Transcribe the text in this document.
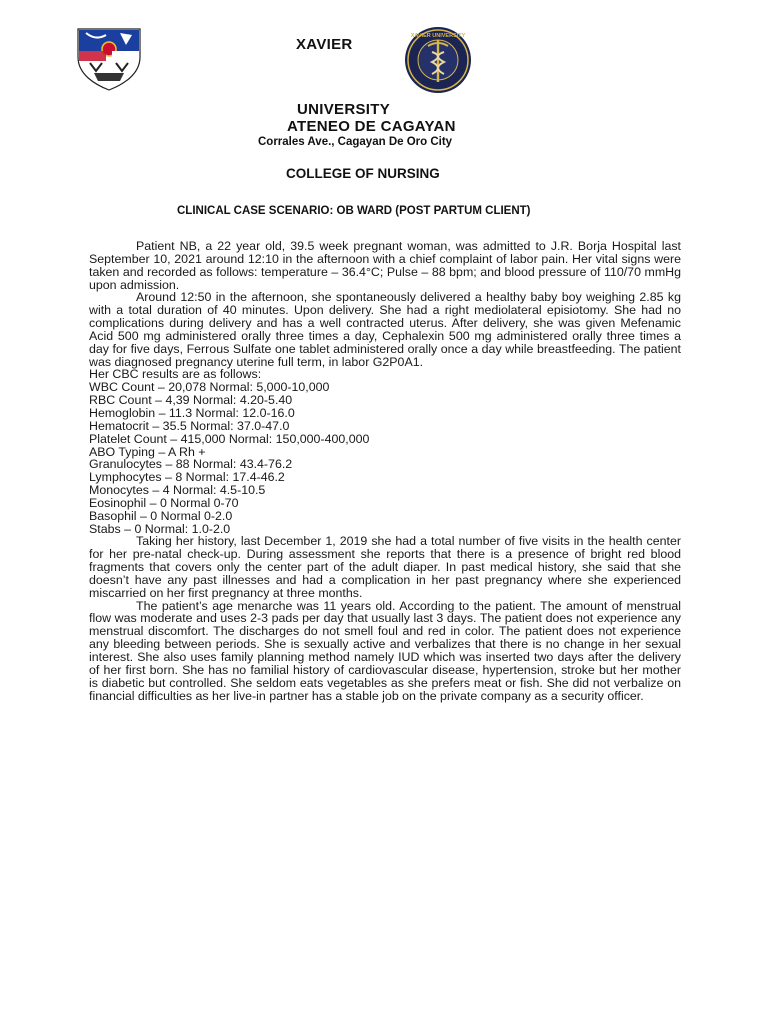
XAVIER UNIVERSITY
XAVIER
UNIVERSITY
ATENEO DE CAGAYAN
Corrales Ave., Cagayan De Oro City
COLLEGE OF NURSING
CLINICAL CASE SCENARIO: OB WARD (POST PARTUM CLIENT)

Patient NB, a 22 year old, 39.5 week pregnant woman, was admitted to J.R. Borja Hospital last September 10, 2021 around 12:10 in the afternoon with a chief complaint of labor pain. Her vital signs were taken and recorded as follows: temperature – 36.4°C; Pulse – 88 bpm; and blood pressure of 110/70 mmHg upon admission.

Around 12:50 in the afternoon, she spontaneously delivered a healthy baby boy weighing 2.85 kg with a total duration of 40 minutes. Upon delivery. She had a right mediolateral episiotomy. She had no complications during delivery and has a well contracted uterus. After delivery, she was given Mefenamic Acid 500 mg administered orally three times a day, Cephalexin 500 mg administered orally three times a day for five days, Ferrous Sulfate one tablet administered orally once a day while breastfeeding. The patient was diagnosed pregnancy uterine full term, in labor G2P0A1.

Her CBC results are as follows:

WBC Count – 20,078 Normal: 5,000-10,000
RBC Count – 4,39 Normal: 4.20-5.40
Hemoglobin – 11.3 Normal: 12.0-16.0
Hematocrit – 35.5 Normal: 37.0-47.0
Platelet Count – 415,000 Normal: 150,000-400,000
ABO Typing – A Rh +
Granulocytes – 88 Normal: 43.4-76.2
Lymphocytes – 8 Normal: 17.4-46.2
Monocytes – 4 Normal: 4.5-10.5
Eosinophil – 0 Normal 0-70
Basophil – 0 Normal 0-2.0
Stabs – 0 Normal: 1.0-2.0

Taking her history, last December 1, 2019 she had a total number of five visits in the health center for her pre-natal check-up. During assessment she reports that there is a presence of bright red blood fragments that covers only the center part of the adult diaper. In past medical history, she said that she doesn’t have any past illnesses and had a complication in her past pregnancy where she experienced miscarried on her first pregnancy at three months.

The patient’s age menarche was 11 years old. According to the patient. The amount of menstrual flow was moderate and uses 2-3 pads per day that usually last 3 days. The patient does not experience any menstrual discomfort. The discharges do not smell foul and red in color. The patient does not experience any bleeding between periods. She is sexually active and verbalizes that there is no change in her sexual interest. She also uses family planning method namely IUD which was inserted two days after the delivery of her first born. She has no familial history of cardiovascular disease, hypertension, stroke but her mother is diabetic but controlled. She seldom eats vegetables as she prefers meat or fish. She did not verbalize on financial difficulties as her live-in partner has a stable job on the private company as a security officer.
